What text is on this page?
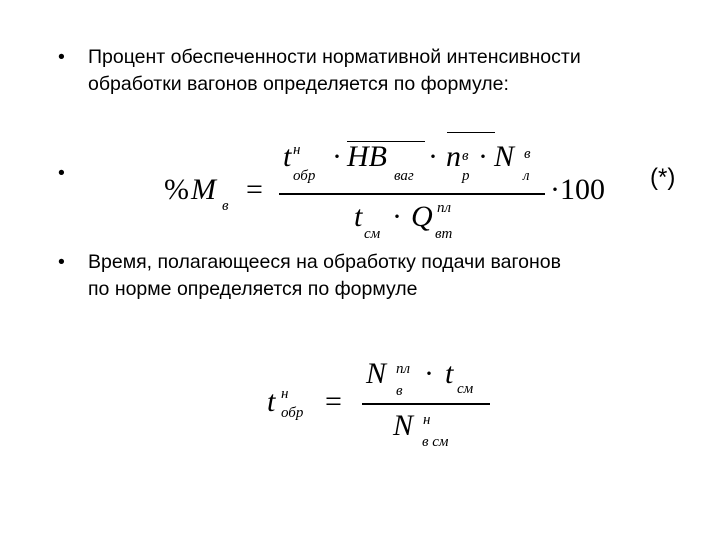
• Процент обеспеченности нормативной интенсивности
обработки вагонов определяется по формуле:
•	% M в =
t н
обр
· HB
ваг
· n в
р
· N в
л
t
см
· Q пл
вт
·100 (*)
• Время, полагающееся на обработку подачи вагонов
по норме определяется по формуле
t н
обр =
N пл
в
· t см
N н
в см
